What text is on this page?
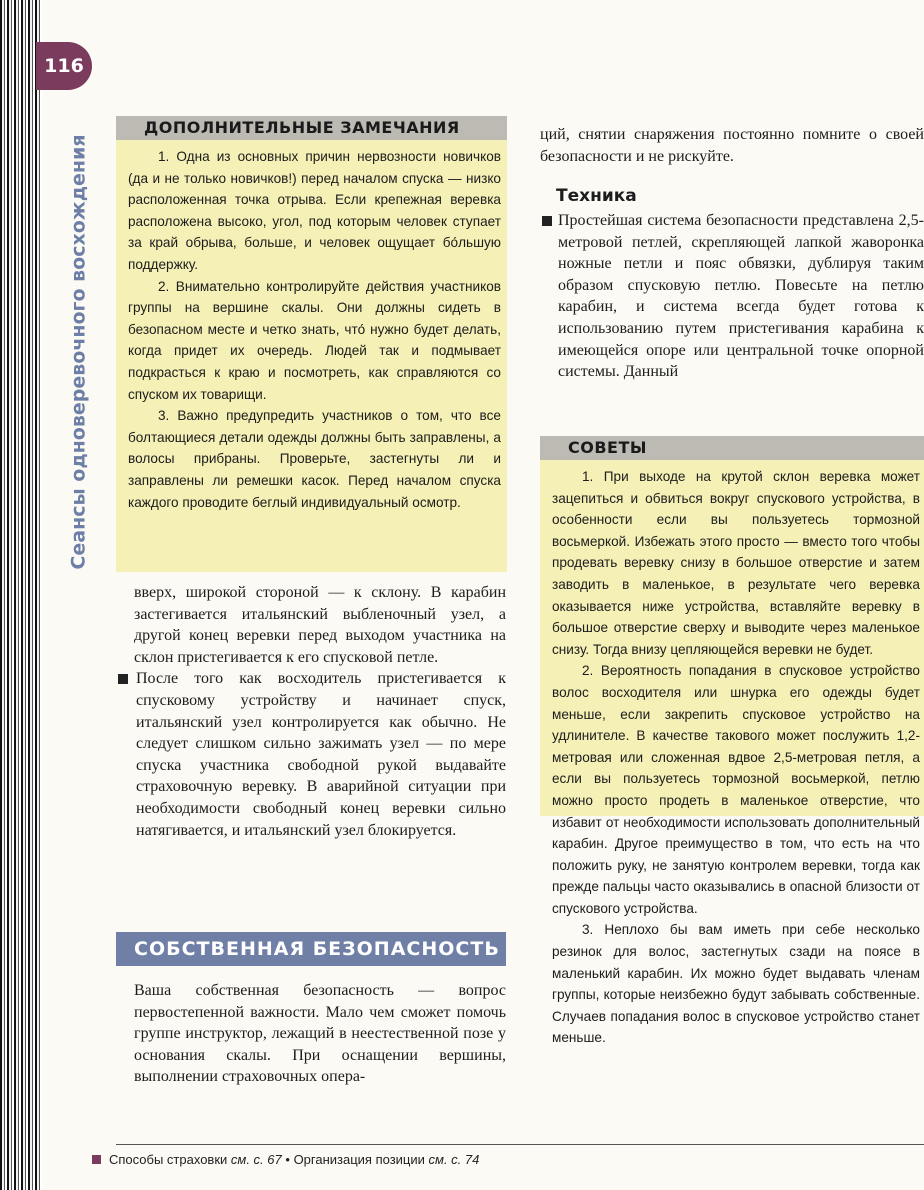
116
Сеансы одноверевочного восхождения
ДОПОЛНИТЕЛЬНЫЕ ЗАМЕЧАНИЯ

1. Одна из основных причин нервозности новичков (да и не только новичков!) перед началом спуска — низко расположенная точка отрыва. Если крепежная веревка расположена высоко, угол, под которым человек ступает за край обрыва, больше, и человек ощущает бо́льшую поддержку.

2. Внимательно контролируйте действия участников группы на вершине скалы. Они должны сидеть в безопасном месте и четко знать, что́ нужно будет делать, когда придет их очередь. Людей так и подмывает подкрасться к краю и посмотреть, как справляются со спуском их товарищи.

3. Важно предупредить участников о том, что все болтающиеся детали одежды должны быть заправлены, а волосы прибраны. Проверьте, застегнуты ли и заправлены ли ремешки касок. Перед началом спуска каждого проводите беглый индивидуальный осмотр.

вверх, широкой стороной — к склону. В карабин застегивается итальянский выбленочный узел, а другой конец веревки перед выходом участника на склон пристегивается к его спусковой петле.

После того как восходитель пристегивается к спусковому устройству и начинает спуск, итальянский узел контролируется как обычно. Не следует слишком сильно зажимать узел — по мере спуска участника свободной рукой выдавайте страховочную веревку. В аварийной ситуации при необходимости свободный конец веревки сильно натягивается, и итальянский узел блокируется.

СОБСТВЕННАЯ БЕЗОПАСНОСТЬ
Ваша собственная безопасность — вопрос первостепенной важности. Мало чем сможет помочь группе инструктор, лежащий в неестественной позе у основания скалы. При оснащении вершины, выполнении страховочных опера-
ций, снятии снаряжения постоянно помните о своей безопасности и не рискуйте.
Техника

Простейшая система безопасности представлена 2,5-метровой петлей, скрепляющей лапкой жаворонка ножные петли и пояс обвязки, дублируя таким образом спусковую петлю. Повесьте на петлю карабин, и система всегда будет готова к использованию путем пристегивания карабина к имеющейся опоре или центральной точке опорной системы. Данный

СОВЕТЫ

1. При выходе на крутой склон веревка может зацепиться и обвиться вокруг спускового устройства, в особенности если вы пользуетесь тормозной восьмеркой. Избежать этого просто — вместо того чтобы продевать веревку снизу в большое отверстие и затем заводить в маленькое, в результате чего веревка оказывается ниже устройства, вставляйте веревку в большое отверстие сверху и выводите через маленькое снизу. Тогда внизу цепляющейся веревки не будет.

2. Вероятность попадания в спусковое устройство волос восходителя или шнурка его одежды будет меньше, если закрепить спусковое устройство на удлинителе. В качестве такового может послужить 1,2-метровая или сложенная вдвое 2,5-метровая петля, а если вы пользуетесь тормозной восьмеркой, петлю можно просто продеть в маленькое отверстие, что избавит от необходимости использовать дополнительный карабин. Другое преимущество в том, что есть на что положить руку, не занятую контролем веревки, тогда как прежде пальцы часто оказывались в опасной близости от спускового устройства.

3. Неплохо бы вам иметь при себе несколько резинок для волос, застегнутых сзади на поясе в маленький карабин. Их можно будет выдавать членам группы, которые неизбежно будут забывать собственные. Случаев попадания волос в спусковое устройство станет меньше.

Способы страховки см. с. 67 • Организация позиции см. с. 74
